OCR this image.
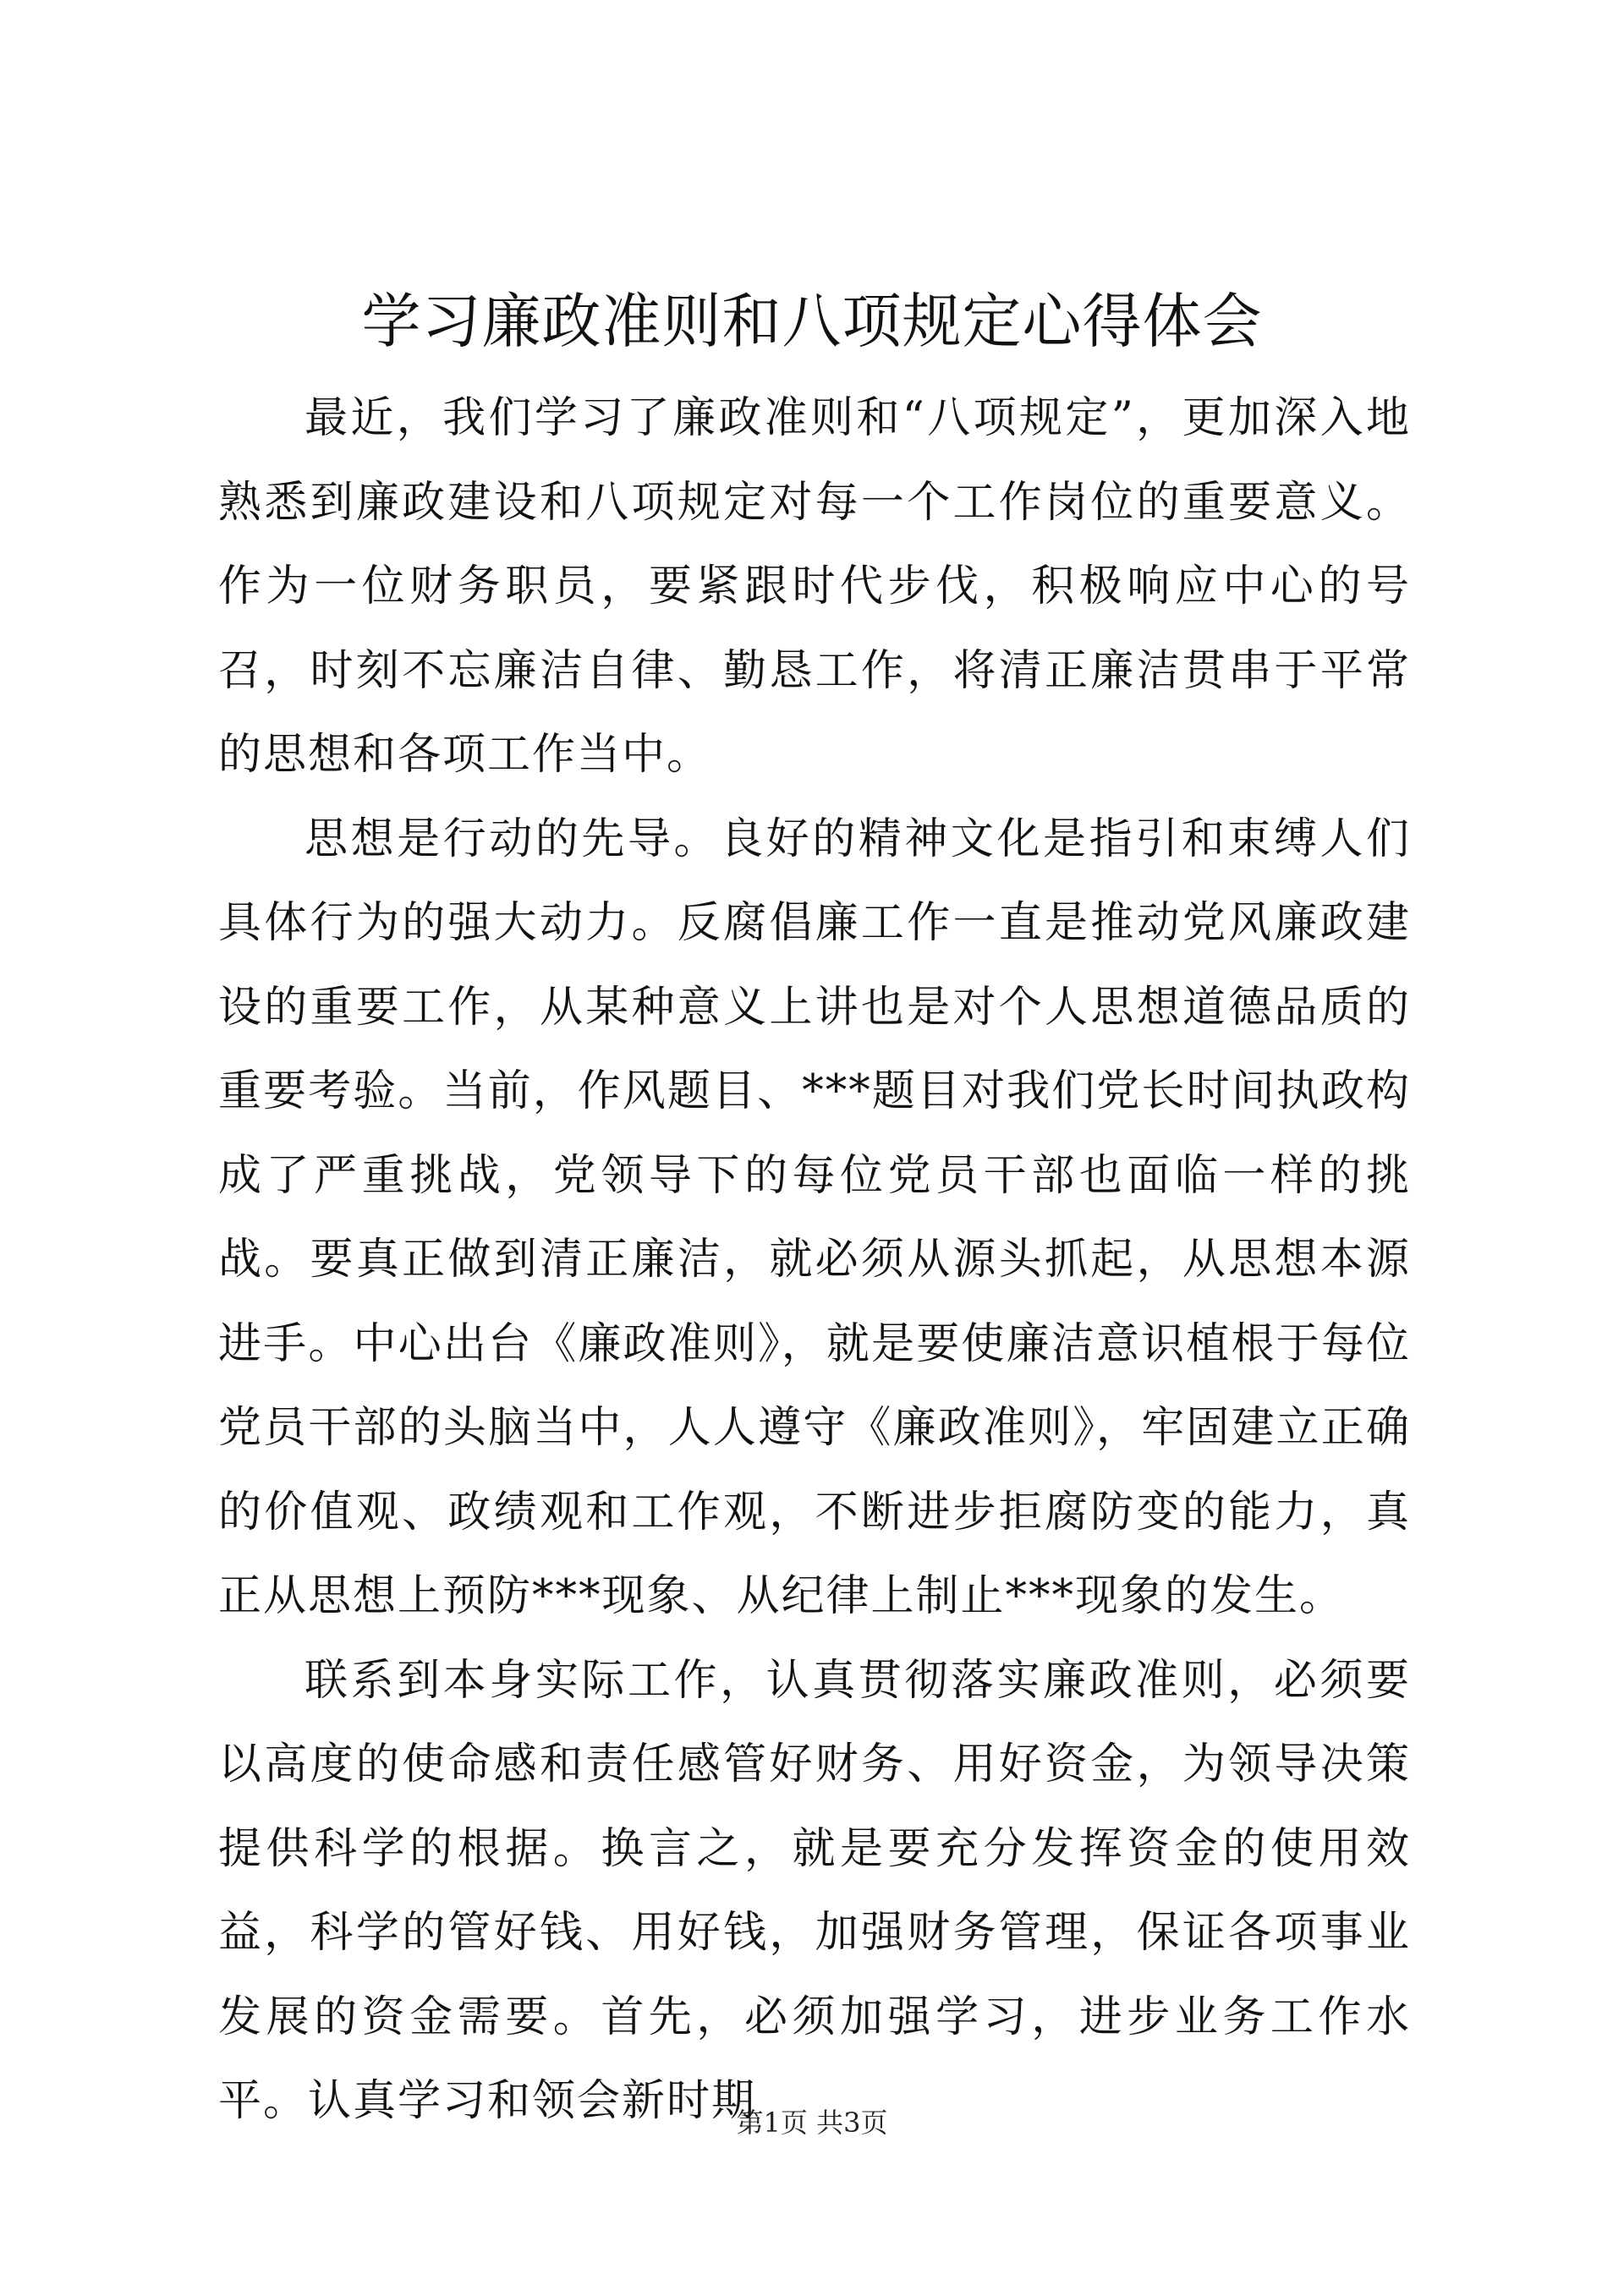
学习廉政准则和八项规定心得体会

最近，我们学习了廉政准则和“八项规定”，更加深入地熟悉到廉政建设和八项规定对每一个工作岗位的重要意义。作为一位财务职员，要紧跟时代步伐，积极响应中心的号召，时刻不忘廉洁自律、勤恳工作，将清正廉洁贯串于平常的思想和各项工作当中。

思想是行动的先导。良好的精神文化是指引和束缚人们具体行为的强大动力。反腐倡廉工作一直是推动党风廉政建设的重要工作，从某种意义上讲也是对个人思想道德品质的重要考验。当前，作风题目、***题目对我们党长时间执政构成了严重挑战，党领导下的每位党员干部也面临一样的挑战。要真正做到清正廉洁，就必须从源头抓起，从思想本源进手。中心出台《廉政准则》，就是要使廉洁意识植根于每位党员干部的头脑当中，人人遵守《廉政准则》，牢固建立正确的价值观、政绩观和工作观，不断进步拒腐防变的能力，真正从思想上预防***现象、从纪律上制止***现象的发生。

联系到本身实际工作，认真贯彻落实廉政准则，必须要以高度的使命感和责任感管好财务、用好资金，为领导决策提供科学的根据。换言之，就是要充分发挥资金的使用效益，科学的管好钱、用好钱，加强财务管理，保证各项事业发展的资金需要。首先，必须加强学习，进步业务工作水平。认真学习和领会新时期

第1页 共3页
